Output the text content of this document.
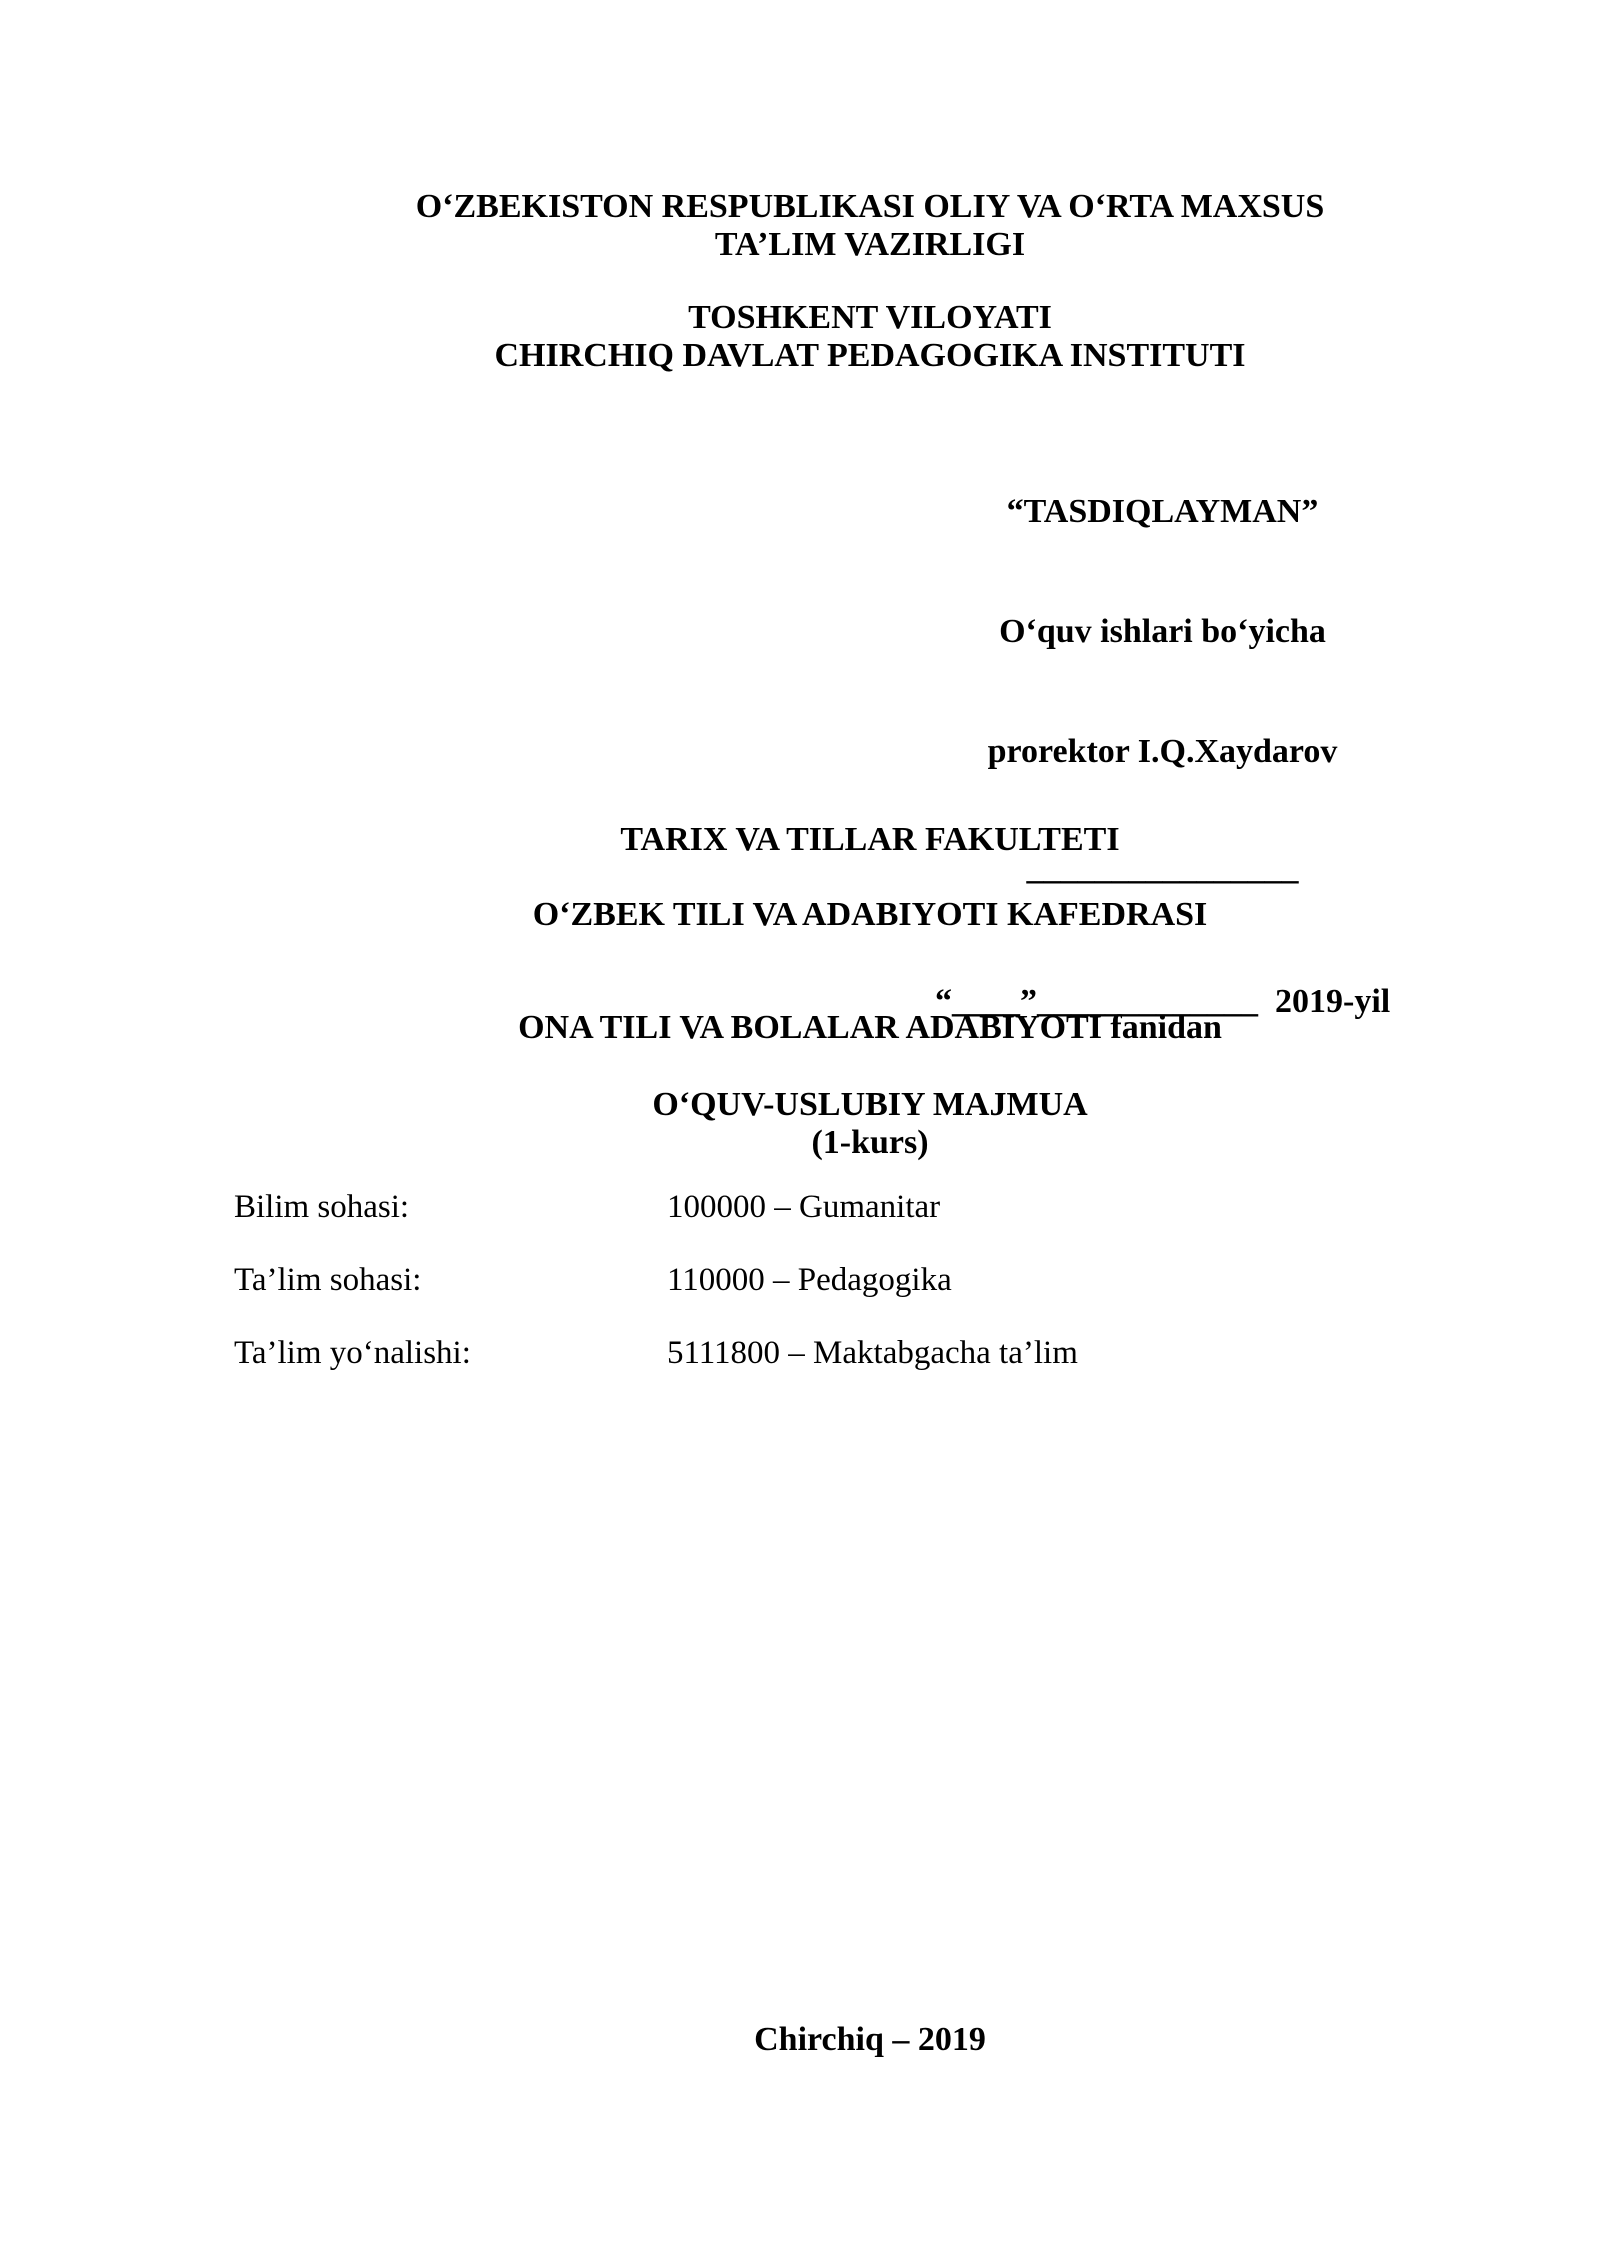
O‘ZBEKISTON RESPUBLIKASI OLIY VA O‘RTA MAXSUS
TA’LIM VAZIRLIGI
TOSHKENT VILOYATI
CHIRCHIQ DAVLAT PEDAGOGIKA INSTITUTI

“TASDIQLAYMAN”

O‘quv ishlari bo‘yicha

prorektor I.Q.Xaydarov

________________

“____”_____________  2019-yil

TARIX VA TILLAR FAKULTETI
O‘ZBEK TILI VA ADABIYOTI KAFEDRASI
ONA TILI VA BOLALAR ADABIYOTI fanidan
O‘QUV-USLUBIY MAJMUA
(1-kurs)
Bilim sohasi:	100000 – Gumanitar
Ta’lim sohasi:	110000 – Pedagogika
Ta’lim yo‘nalishi:	5111800 – Maktabgacha ta’lim
Chirchiq – 2019
